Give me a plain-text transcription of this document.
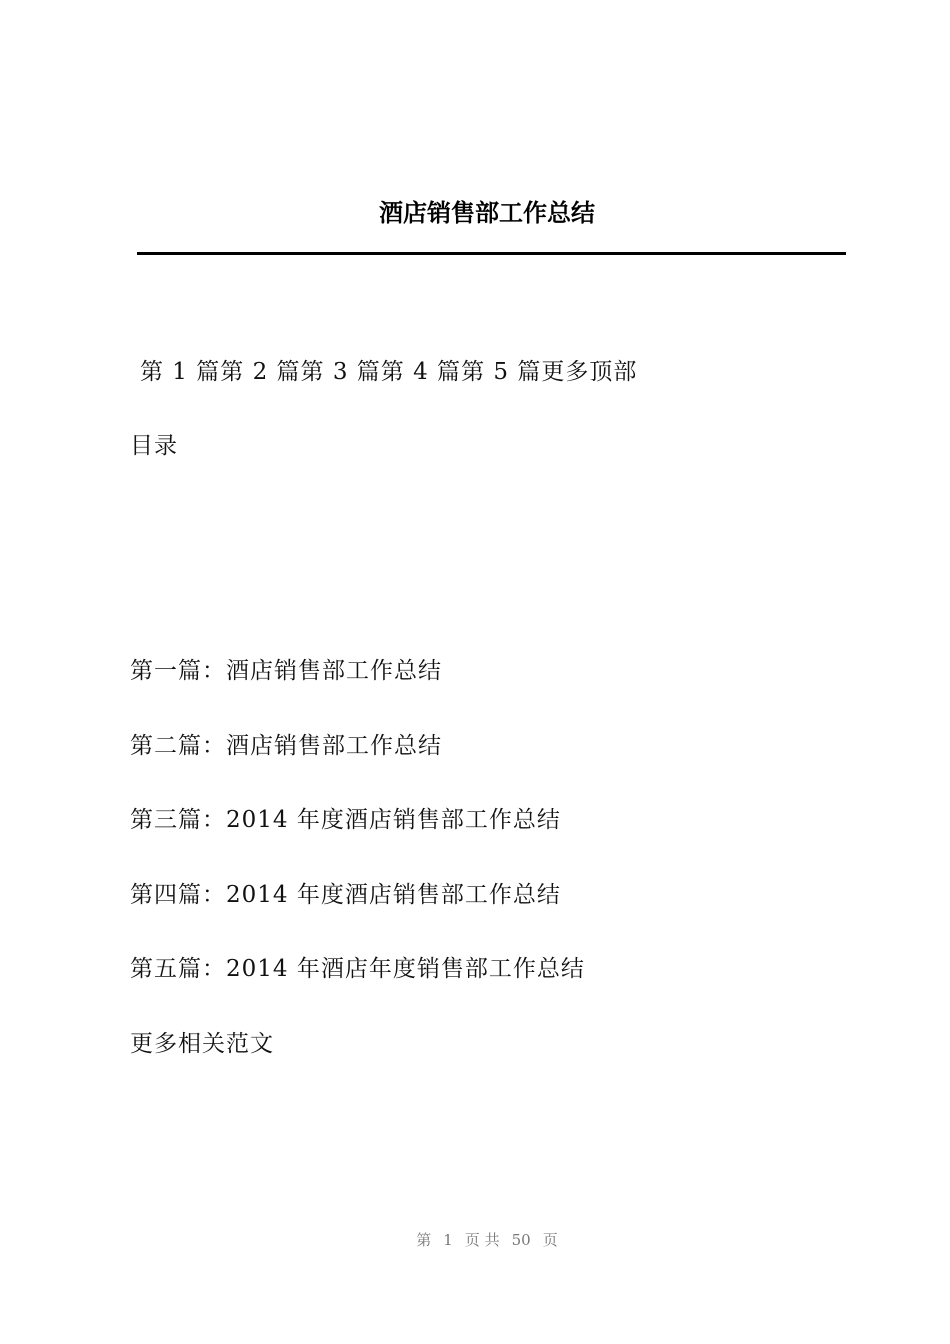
酒店销售部工作总结
第 1 篇第 2 篇第 3 篇第 4 篇第 5 篇更多顶部
目录
第一篇：酒店销售部工作总结
第二篇：酒店销售部工作总结
第三篇：2014 年度酒店销售部工作总结
第四篇：2014 年度酒店销售部工作总结
第五篇：2014 年酒店年度销售部工作总结
更多相关范文
第 1 页 共 50 页
